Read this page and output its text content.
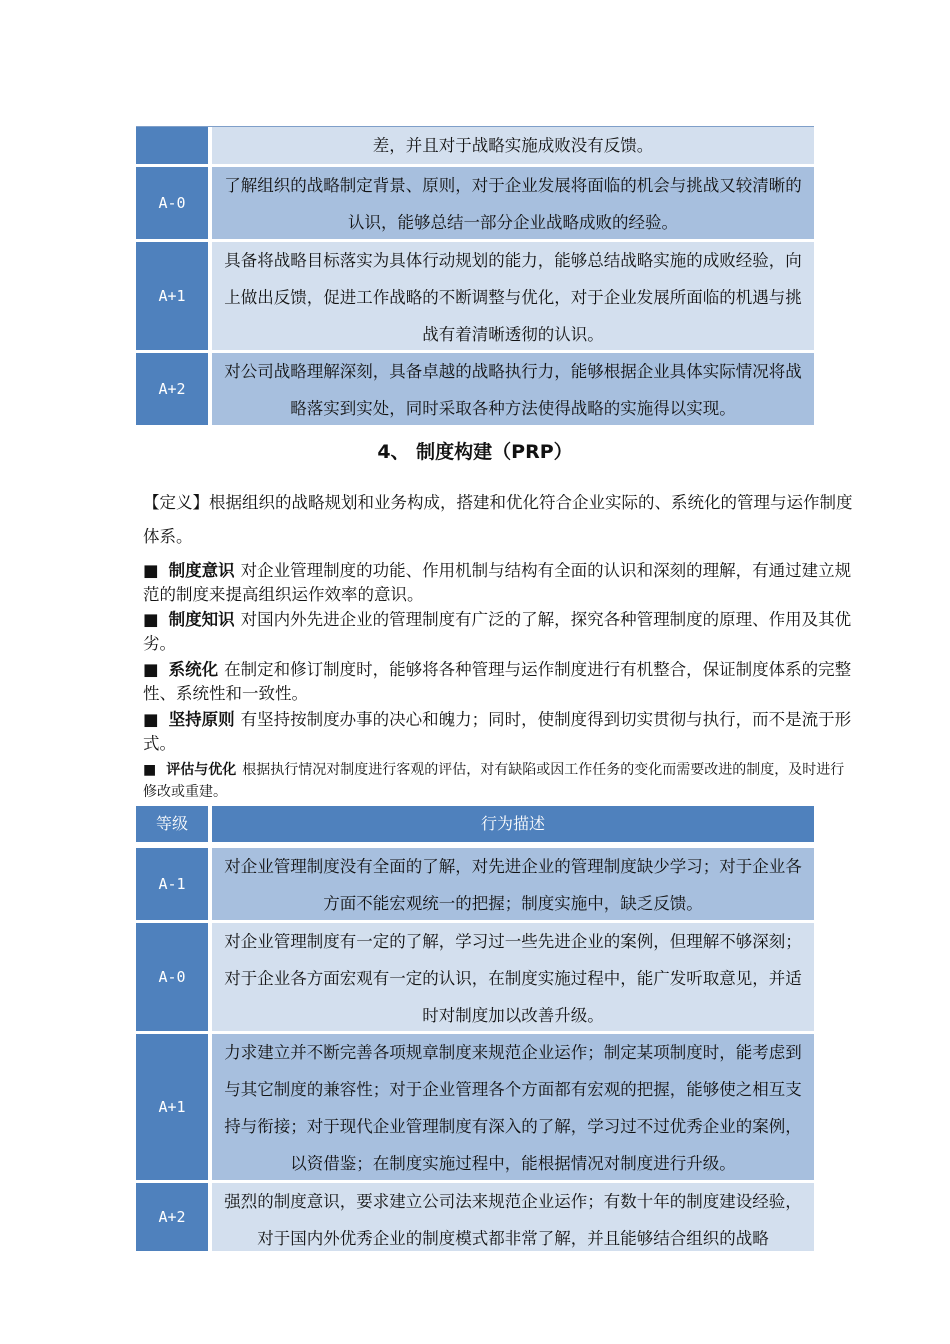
差，并且对于战略实施成败没有反馈。
A-0
了解组织的战略制定背景、原则，对于企业发展将面临的机会与挑战又较清晰的认识，能够总结一部分企业战略成败的经验。
A+1
具备将战略目标落实为具体行动规划的能力，能够总结战略实施的成败经验，向上做出反馈，促进工作战略的不断调整与优化，对于企业发展所面临的机遇与挑战有着清晰透彻的认识。
A+2
对公司战略理解深刻，具备卓越的战略执行力，能够根据企业具体实际情况将战略落实到实处，同时采取各种方法使得战略的实施得以实现。
4、 制度构建（PRP）
【定义】根据组织的战略规划和业务构成，搭建和优化符合企业实际的、系统化的管理与运作制度体系。
■ 制度意识 对企业管理制度的功能、作用机制与结构有全面的认识和深刻的理解，有通过建立规范的制度来提高组织运作效率的意识。
■ 制度知识 对国内外先进企业的管理制度有广泛的了解，探究各种管理制度的原理、作用及其优劣。
■ 系统化 在制定和修订制度时，能够将各种管理与运作制度进行有机整合，保证制度体系的完整性、系统性和一致性。
■ 坚持原则 有坚持按制度办事的决心和魄力；同时，使制度得到切实贯彻与执行，而不是流于形式。
■ 评估与优化 根据执行情况对制度进行客观的评估，对有缺陷或因工作任务的变化而需要改进的制度，及时进行修改或重建。
等级	行为描述
A-1
对企业管理制度没有全面的了解，对先进企业的管理制度缺少学习；对于企业各方面不能宏观统一的把握；制度实施中，缺乏反馈。
A-0
对企业管理制度有一定的了解，学习过一些先进企业的案例，但理解不够深刻；对于企业各方面宏观有一定的认识，在制度实施过程中，能广发听取意见，并适时对制度加以改善升级。
A+1
力求建立并不断完善各项规章制度来规范企业运作；制定某项制度时，能考虑到与其它制度的兼容性；对于企业管理各个方面都有宏观的把握，能够使之相互支持与衔接；对于现代企业管理制度有深入的了解，学习过不过优秀企业的案例，以资借鉴；在制度实施过程中，能根据情况对制度进行升级。
A+2
强烈的制度意识，要求建立公司法来规范企业运作；有数十年的制度建设经验，对于国内外优秀企业的制度模式都非常了解，并且能够结合组织的战略
